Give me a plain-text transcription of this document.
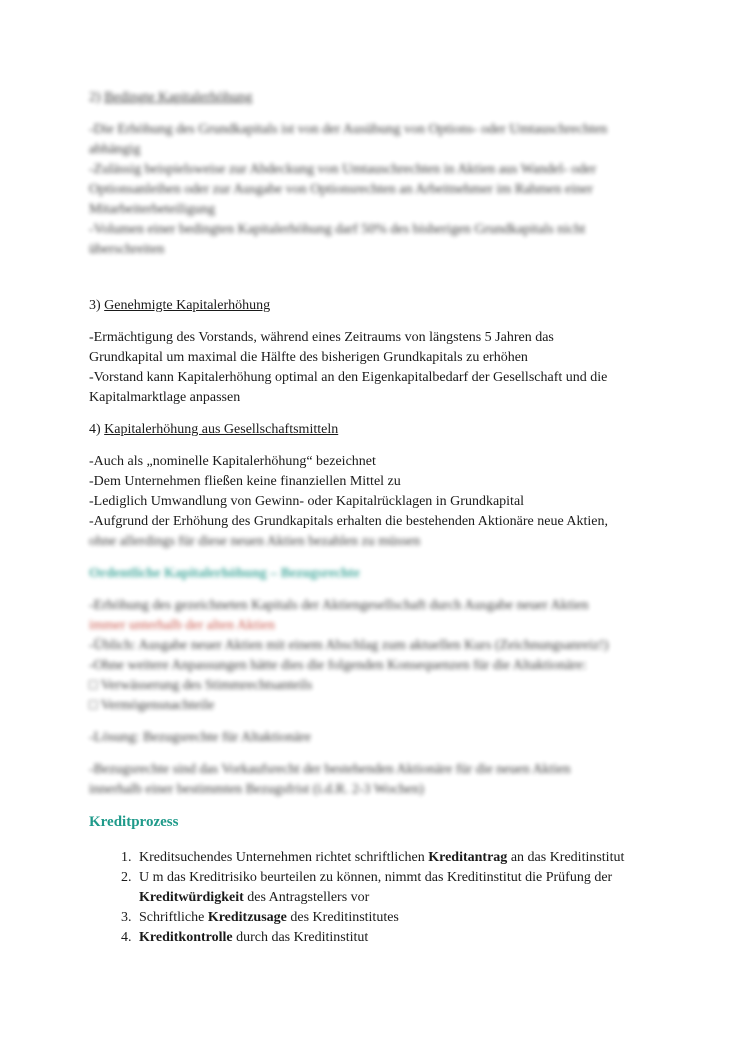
2) Bedingte Kapitalerhöhung

-Die Erhöhung des Grundkapitals ist von der Ausübung von Options- oder Umtauschrechten

abhängig

-Zulässig beispielsweise zur Abdeckung von Umtauschrechten in Aktien aus Wandel- oder

Optionsanleihen oder zur Ausgabe von Optionsrechten an Arbeitnehmer im Rahmen einer

Mitarbeiterbeteiligung

-Volumen einer bedingten Kapitalerhöhung darf 50% des bisherigen Grundkapitals nicht

überschreiten

3) Genehmigte Kapitalerhöhung

-Ermächtigung des Vorstands, während eines Zeitraums von längstens 5 Jahren das

Grundkapital um maximal die Hälfte des bisherigen Grundkapitals zu erhöhen

-Vorstand kann Kapitalerhöhung optimal an den Eigenkapitalbedarf der Gesellschaft und die

Kapitalmarktlage anpassen

4) Kapitalerhöhung aus Gesellschaftsmitteln

-Auch als „nominelle Kapitalerhöhung“ bezeichnet

-Dem Unternehmen fließen keine finanziellen Mittel zu

-Lediglich Umwandlung von Gewinn- oder Kapitalrücklagen in Grundkapital

-Aufgrund der Erhöhung des Grundkapitals erhalten die bestehenden Aktionäre neue Aktien,

ohne allerdings für diese neuen Aktien bezahlen zu müssen

Ordentliche Kapitalerhöhung – Bezugsrechte

-Erhöhung des gezeichneten Kapitals der Aktiengesellschaft durch Ausgabe neuer Aktien

immer unterhalb der alten Aktien

-Üblich: Ausgabe neuer Aktien mit einem Abschlag zum aktuellen Kurs (Zeichnungsanreiz!)

-Ohne weitere Anpassungen hätte dies die folgenden Konsequenzen für die Altaktionäre:

□ Verwässerung des Stimmrechtsanteils

□ Vermögensnachteile

-Lösung: Bezugsrechte für Altaktionäre

-Bezugsrechte sind das Vorkaufsrecht der bestehenden Aktionäre für die neuen Aktien

innerhalb einer bestimmten Bezugsfrist (i.d.R. 2-3 Wochen)

Kreditprozess

1. Kreditsuchendes Unternehmen richtet schriftlichen Kreditantrag an das Kreditinstitut
2. U m das Kreditrisiko beurteilen zu können, nimmt das Kreditinstitut die Prüfung der
Kreditwürdigkeit des Antragstellers vor
3. Schriftliche Kreditzusage des Kreditinstitutes
4. Kreditkontrolle durch das Kreditinstitut
